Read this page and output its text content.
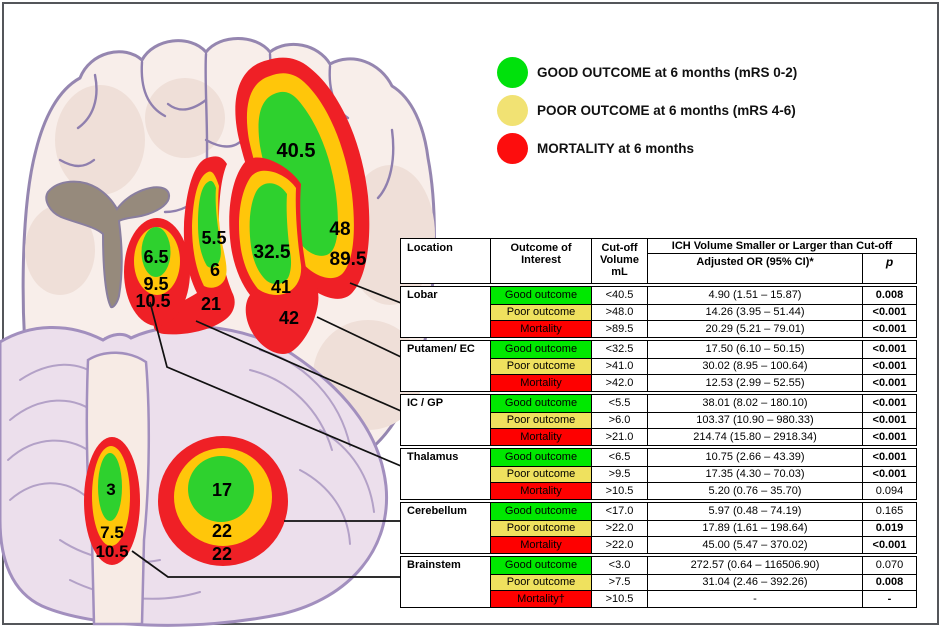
40.5
48
89.5
32.5
41
42
5.5
6
21
6.5
9.5
10.5
3
7.5
10.5
17
22
22
GOOD OUTCOME at 6 months (mRS 0-2)
POOR OUTCOME at 6 months (mRS 4-6)
MORTALITY at 6 months
Location	Outcome of Interest
Cut-off Volume mL
ICH Volume Smaller or Larger than Cut-off
Adjusted OR (95% CI)*	p
Lobar	Good outcome	<40.5	4.90 (1.51 – 15.87)	0.008
Poor outcome	>48.0	14.26 (3.95 – 51.44)	<0.001
Mortality	>89.5	20.29 (5.21 – 79.01)	<0.001
Putamen/ EC	Good outcome	<32.5	17.50 (6.10 – 50.15)	<0.001
Poor outcome	>41.0	30.02 (8.95 – 100.64)	<0.001
Mortality	>42.0	12.53 (2.99 – 52.55)	<0.001
IC / GP	Good outcome	<5.5	38.01 (8.02 – 180.10)	<0.001
Poor outcome	>6.0	103.37 (10.90 – 980.33)	<0.001
Mortality	>21.0	214.74 (15.80 – 2918.34)	<0.001
Thalamus	Good outcome	<6.5	10.75 (2.66 – 43.39)	<0.001
Poor outcome	>9.5	17.35 (4.30 – 70.03)	<0.001
Mortality	>10.5	5.20 (0.76 – 35.70)	0.094
Cerebellum	Good outcome	<17.0	5.97 (0.48 – 74.19)	0.165
Poor outcome	>22.0	17.89 (1.61 – 198.64)	0.019
Mortality	>22.0	45.00 (5.47 – 370.02)	<0.001
Brainstem	Good outcome	<3.0	272.57 (0.64 – 116506.90)	0.070
Poor outcome	>7.5	31.04 (2.46 – 392.26)	0.008
Mortality†	>10.5	-	-
